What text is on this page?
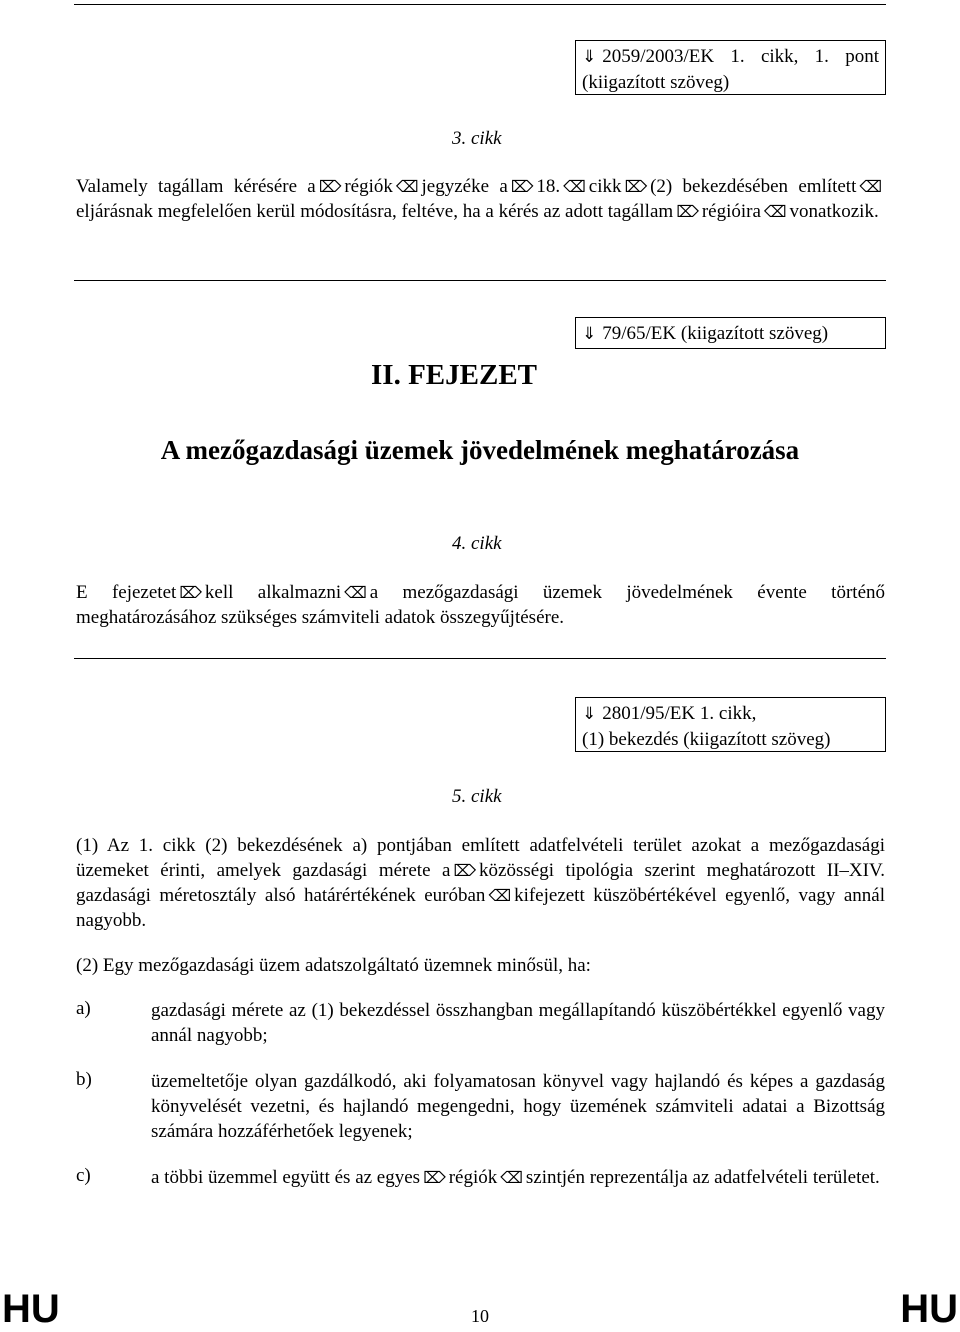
⇓ 2059/2003/EK 1. cikk, 1. pont
(kiigazított szöveg)
3. cikk
Valamely tagállam kérésére a ⌦ régiók ⌫ jegyzéke a ⌦ 18. ⌫ cikk ⌦ (2) bekezdésében említett ⌫eljárásnak megfelelően kerül módosításra, feltéve, ha a kérés az adott tagállam ⌦ régióira ⌫ vonatkozik.
⇓ 79/65/EK (kiigazított szöveg)
II. FEJEZET
A mezőgazdasági üzemek jövedelmének meghatározása
4. cikk
E fejezetet ⌦ kell alkalmazni ⌫ a mezőgazdasági üzemek jövedelmének évente történő meghatározásához szükséges számviteli adatok összegyűjtésére.
⇓ 2801/95/EK 1. cikk,
(1) bekezdés (kiigazított szöveg)
5. cikk
(1) Az 1. cikk (2) bekezdésének a) pontjában említett adatfelvételi terület azokat a mezőgazdasági üzemeket érinti, amelyek gazdasági mérete a ⌦ közösségi tipológia szerint meghatározott II–XIV. gazdasági méretosztály alsó határértékének euróban ⌫ kifejezett küszöbértékével egyenlő, vagy annál nagyobb.
(2) Egy mezőgazdasági üzem adatszolgáltató üzemnek minősül, ha:
a)	gazdasági mérete az (1) bekezdéssel összhangban megállapítandó küszöbértékkel egyenlő vagy annál nagyobb;
b)	üzemeltetője olyan gazdálkodó, aki folyamatosan könyvel vagy hajlandó és képes a gazdaság könyvelését vezetni, és hajlandó megengedni, hogy üzemének számviteli adatai a Bizottság számára hozzáférhetőek legyenek;
c)	a többi üzemmel együtt és az egyes ⌦ régiók ⌫ szintjén reprezentálja az adatfelvételi területet.
HU	10	HU
